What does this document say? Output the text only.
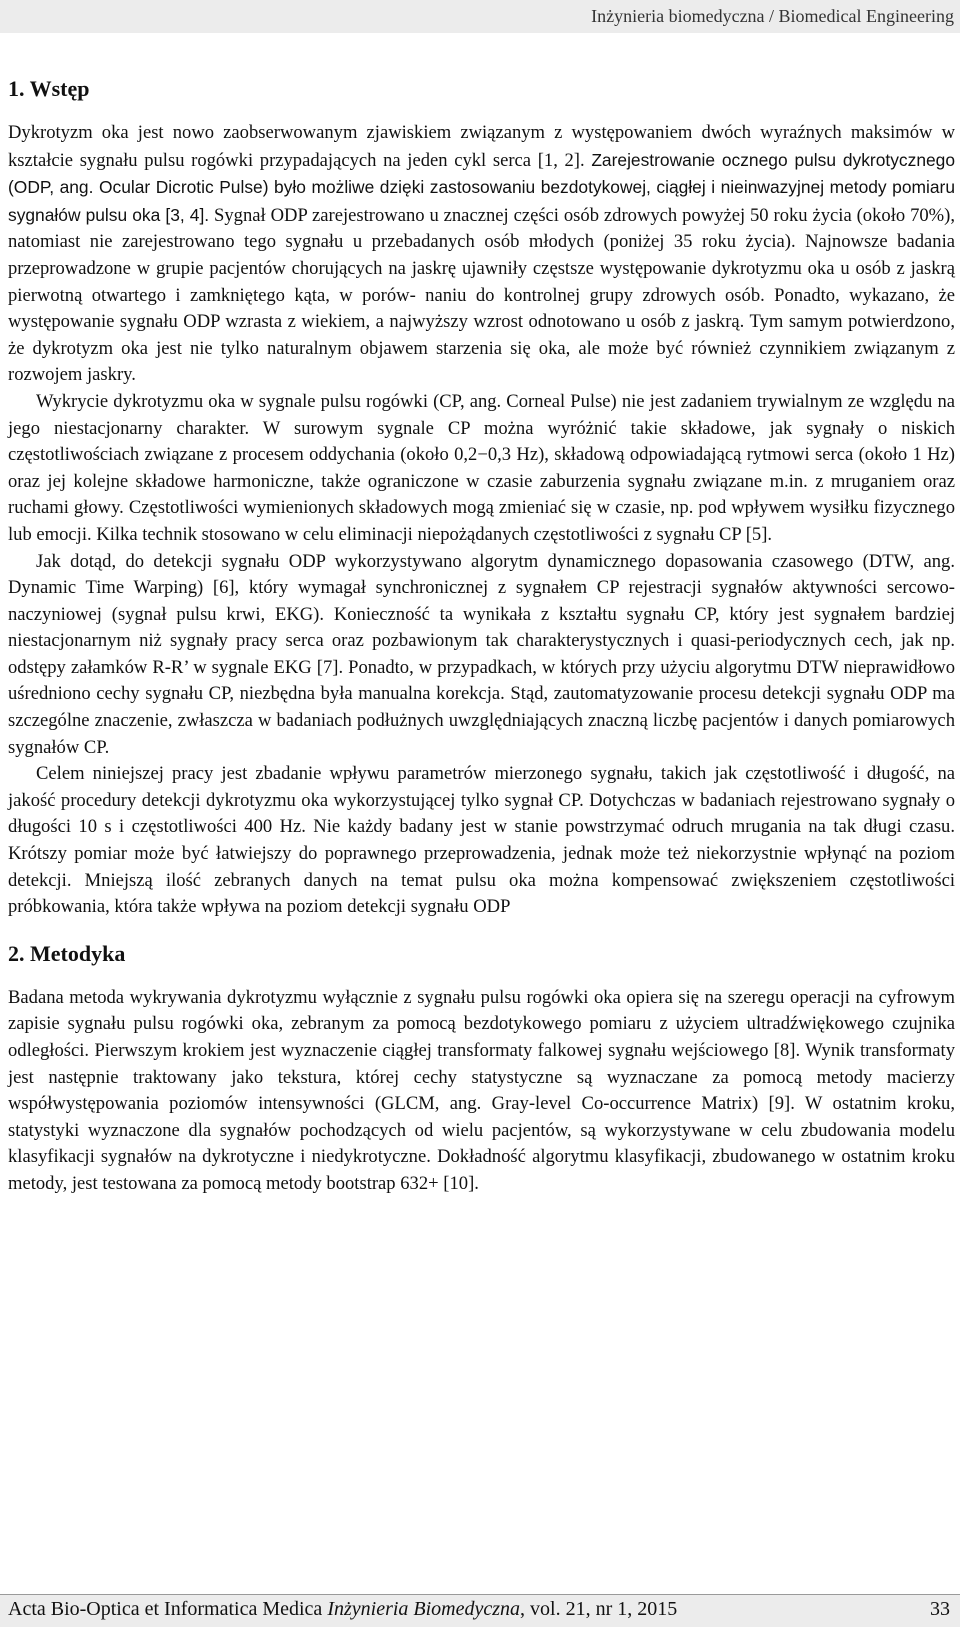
Inżynieria biomedyczna / Biomedical Engineering
1. Wstęp

Dykrotyzm oka jest nowo zaobserwowanym zjawiskiem związanym z występowaniem dwóch wyraźnych maksimów w kształcie sygnału pulsu rogówki przypadających na jeden cykl serca [1, 2]. Zarejestrowanie ocznego pulsu dykrotycznego (ODP, ang. Ocular Dicrotic Pulse) było możliwe dzięki zastosowaniu bezdotykowej, ciągłej i nieinwazyjnej metody pomiaru sygnałów pulsu oka [3, 4]. Sygnał ODP zarejestrowano u znacznej części osób zdrowych powyżej 50 roku życia (około 70%), natomiast nie zarejestrowano tego sygnału u przebadanych osób młodych (poniżej 35 roku życia). Najnowsze badania przeprowadzone w grupie pacjentów chorujących na jaskrę ujawniły częstsze występowanie dykrotyzmu oka u osób z jaskrą pierwotną otwartego i zamkniętego kąta, w porów- naniu do kontrolnej grupy zdrowych osób. Ponadto, wykazano, że występowanie sygnału ODP wzrasta z wiekiem, a najwyższy wzrost odnotowano u osób z jaskrą. Tym samym potwierdzono, że dykrotyzm oka jest nie tylko naturalnym objawem starzenia się oka, ale może być również czynnikiem związanym z rozwojem jaskry.

Wykrycie dykrotyzmu oka w sygnale pulsu rogówki (CP, ang. Corneal Pulse) nie jest zadaniem trywialnym ze względu na jego niestacjonarny charakter. W surowym sygnale CP można wyróżnić takie składowe, jak sygnały o niskich częstotliwościach związane z procesem oddychania (około 0,2−0,3 Hz), składową odpowiadającą rytmowi serca (około 1 Hz) oraz jej kolejne składowe harmoniczne, także ograniczone w czasie zaburzenia sygnału związane m.in. z mruganiem oraz ruchami głowy. Częstotliwości wymienionych składowych mogą zmieniać się w czasie, np. pod wpływem wysiłku fizycznego lub emocji. Kilka technik stosowano w celu eliminacji niepożądanych częstotliwości z sygnału CP [5].

Jak dotąd, do detekcji sygnału ODP wykorzystywano algorytm dynamicznego dopasowania czasowego (DTW, ang. Dynamic Time Warping) [6], który wymagał synchronicznej z sygnałem CP rejestracji sygnałów aktywności sercowo-naczyniowej (sygnał pulsu krwi, EKG). Konieczność ta wynikała z kształtu sygnału CP, który jest sygnałem bardziej niestacjonarnym niż sygnały pracy serca oraz pozbawionym tak charakterystycznych i quasi-periodycznych cech, jak np. odstępy załamków R-R’ w sygnale EKG [7]. Ponadto, w przypadkach, w których przy użyciu algorytmu DTW nieprawidłowo uśredniono cechy sygnału CP, niezbędna była manualna korekcja. Stąd, zautomatyzowanie procesu detekcji sygnału ODP ma szczególne znaczenie, zwłaszcza w badaniach podłużnych uwzględniających znaczną liczbę pacjentów i danych pomiarowych sygnałów CP.

Celem niniejszej pracy jest zbadanie wpływu parametrów mierzonego sygnału, takich jak częstotliwość i długość, na jakość procedury detekcji dykrotyzmu oka wykorzystującej tylko sygnał CP. Dotychczas w badaniach rejestrowano sygnały o długości 10 s i częstotliwości 400 Hz. Nie każdy badany jest w stanie powstrzymać odruch mrugania na tak długi czasu. Krótszy pomiar może być łatwiejszy do poprawnego przeprowadzenia, jednak może też niekorzystnie wpłynąć na poziom detekcji. Mniejszą ilość zebranych danych na temat pulsu oka można kompensować zwiększeniem częstotliwości próbkowania, która także wpływa na poziom detekcji sygnału ODP

2. Metodyka

Badana metoda wykrywania dykrotyzmu wyłącznie z sygnału pulsu rogówki oka opiera się na szeregu operacji na cyfrowym zapisie sygnału pulsu rogówki oka, zebranym za pomocą bezdotykowego pomiaru z użyciem ultradźwiękowego czujnika odległości. Pierwszym krokiem jest wyznaczenie ciągłej transformaty falkowej sygnału wejściowego [8]. Wynik transformaty jest następnie traktowany jako tekstura, której cechy statystyczne są wyznaczane za pomocą metody macierzy współwystępowania poziomów intensywności (GLCM, ang. Gray-level Co-occurrence Matrix) [9]. W ostatnim kroku, statystyki wyznaczone dla sygnałów pochodzących od wielu pacjentów, są wykorzystywane w celu zbudowania modelu klasyfikacji sygnałów na dykrotyczne i niedykrotyczne. Dokładność algorytmu klasyfikacji, zbudowanego w ostatnim kroku metody, jest testowana za pomocą metody bootstrap 632+ [10].

Acta Bio-Optica et Informatica Medica Inżynieria Biomedyczna, vol. 21, nr 1, 2015	33
